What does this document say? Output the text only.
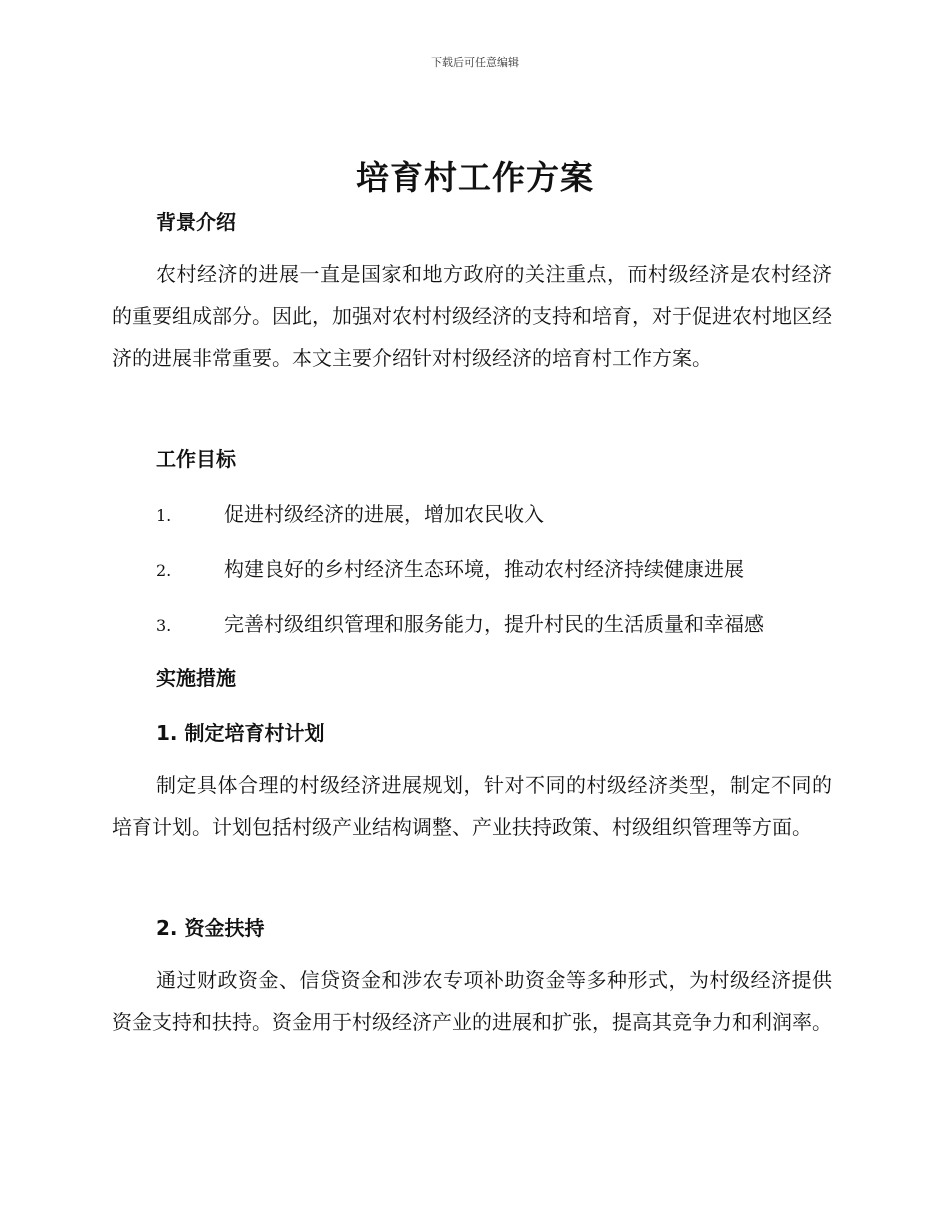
下载后可任意编辑
培育村工作方案
背景介绍

农村经济的进展一直是国家和地方政府的关注重点，而村级经济是农村经济的重要组成部分。因此，加强对农村村级经济的支持和培育，对于促进农村地区经济的进展非常重要。本文主要介绍针对村级经济的培育村工作方案。

工作目标
1.	促进村级经济的进展，增加农民收入
2.	构建良好的乡村经济生态环境，推动农村经济持续健康进展
3.	完善村级组织管理和服务能力，提升村民的生活质量和幸福感
实施措施
1. 制定培育村计划

制定具体合理的村级经济进展规划，针对不同的村级经济类型，制定不同的培育计划。计划包括村级产业结构调整、产业扶持政策、村级组织管理等方面。

2. 资金扶持

通过财政资金、信贷资金和涉农专项补助资金等多种形式，为村级经济提供资金支持和扶持。资金用于村级经济产业的进展和扩张，提高其竞争力和利润率。
